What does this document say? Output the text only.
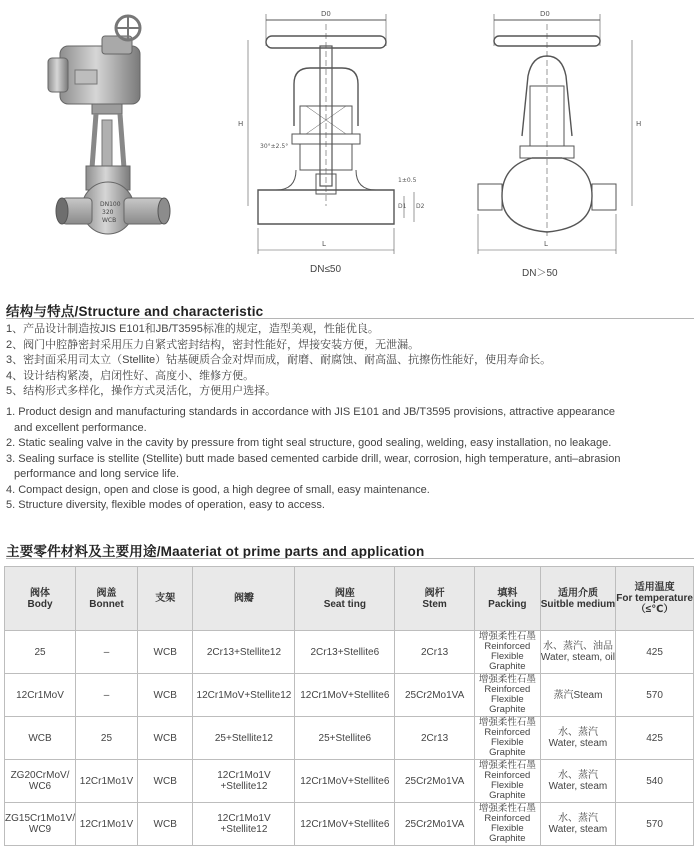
DN100
320
WCB
D0
H
L
D1 D2
1±0.5
30°±2.5°
D0
H
L
DN≤50	DN＞50
结构与特点/Structure and characteristic
1、产品设计制造按JIS E101和JB/T3595标准的规定，造型美观，性能优良。
2、阀门中腔静密封采用压力自紧式密封结构，密封性能好，焊接安装方便，无泄漏。
3、密封面采用司太立（Stellite）钴基硬质合金对焊而成，耐磨、耐腐蚀、耐高温、抗擦伤性能好，使用寿命长。
4、设计结构紧凑，启闭性好、高度小、维修方便。
5、结构形式多样化，操作方式灵活化，方便用户选择。
1. Product design and manufacturing standards in accordance with JIS E101 and JB/T3595 provisions, attractive appearance
and excellent performance.
2. Static sealing valve in the cavity by pressure from tight seal structure, good sealing, welding, easy installation, no leakage.
3. Sealing surface is stellite (Stellite) butt made based cemented carbide drill, wear, corrosion, high temperature, anti–abrasion
performance and long service life.
4. Compact design, open and close is good, a high degree of small, easy maintenance.
5. Structure diversity, flexible modes of operation, easy to access.
主要零件材料及主要用途/Maateriat ot prime parts and application
阀体
Body	阀盖
Bonnet	支架	阀瓣	阀座
Seat ting	阀杆
Stem	填料
Packing	适用介质
Suitble medium	适用温度
For temperature
（≤℃）

25	–	WCB	2Cr13+Stellite12	2Cr13+Stellite6	2Cr13	增强柔性石墨
Reinforced
Flexible
Graphite	水、蒸汽、油品
Water, steam, oil	425
12Cr1MoV	–	WCB	12Cr1MoV+Stellite12	12Cr1MoV+Stellite6	25Cr2Mo1VA	增强柔性石墨
Reinforced
Flexible
Graphite	蒸汽Steam	570
WCB	25	WCB	25+Stellite12	25+Stellite6	2Cr13	增强柔性石墨
Reinforced
Flexible
Graphite	水、蒸汽
Water, steam	425

ZG20CrMoV/
WC6	12Cr1Mo1V	WCB	12Cr1Mo1V
+Stellite12	12Cr1MoV+Stellite6	25Cr2Mo1VA	增强柔性石墨
Reinforced
Flexible
Graphite	水、蒸汽
Water, steam	540

ZG15Cr1Mo1V/
WC9	12Cr1Mo1V	WCB	12Cr1Mo1V
+Stellite12	12Cr1MoV+Stellite6	25Cr2Mo1VA	增强柔性石墨
Reinforced
Flexible
Graphite	水、蒸汽
Water, steam	570
